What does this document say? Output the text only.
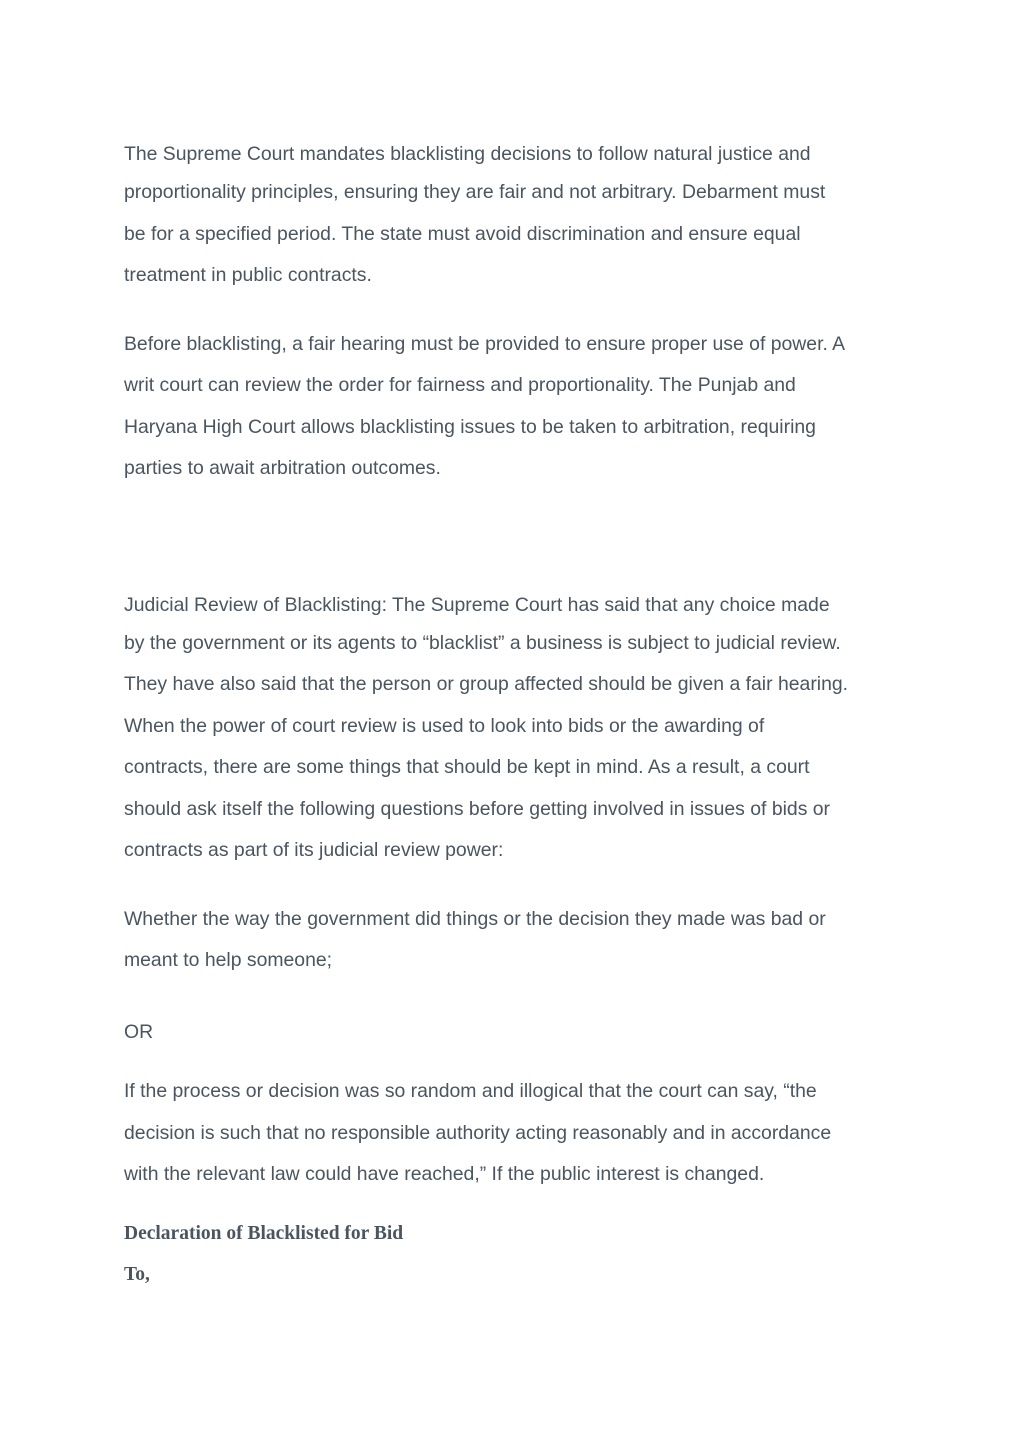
The Supreme Court mandates blacklisting decisions to follow natural justice and
proportionality principles, ensuring they are fair and not arbitrary. Debarment must
be for a specified period. The state must avoid discrimination and ensure equal
treatment in public contracts.
Before blacklisting, a fair hearing must be provided to ensure proper use of power. A
writ court can review the order for fairness and proportionality. The Punjab and
Haryana High Court allows blacklisting issues to be taken to arbitration, requiring
parties to await arbitration outcomes.
Judicial Review of Blacklisting: The Supreme Court has said that any choice made
by the government or its agents to “blacklist” a business is subject to judicial review.
They have also said that the person or group affected should be given a fair hearing.
When the power of court review is used to look into bids or the awarding of
contracts, there are some things that should be kept in mind. As a result, a court
should ask itself the following questions before getting involved in issues of bids or
contracts as part of its judicial review power:
Whether the way the government did things or the decision they made was bad or
meant to help someone;
OR
If the process or decision was so random and illogical that the court can say, “the
decision is such that no responsible authority acting reasonably and in accordance
with the relevant law could have reached,” If the public interest is changed.

Declaration of Blacklisted for Bid

To,
